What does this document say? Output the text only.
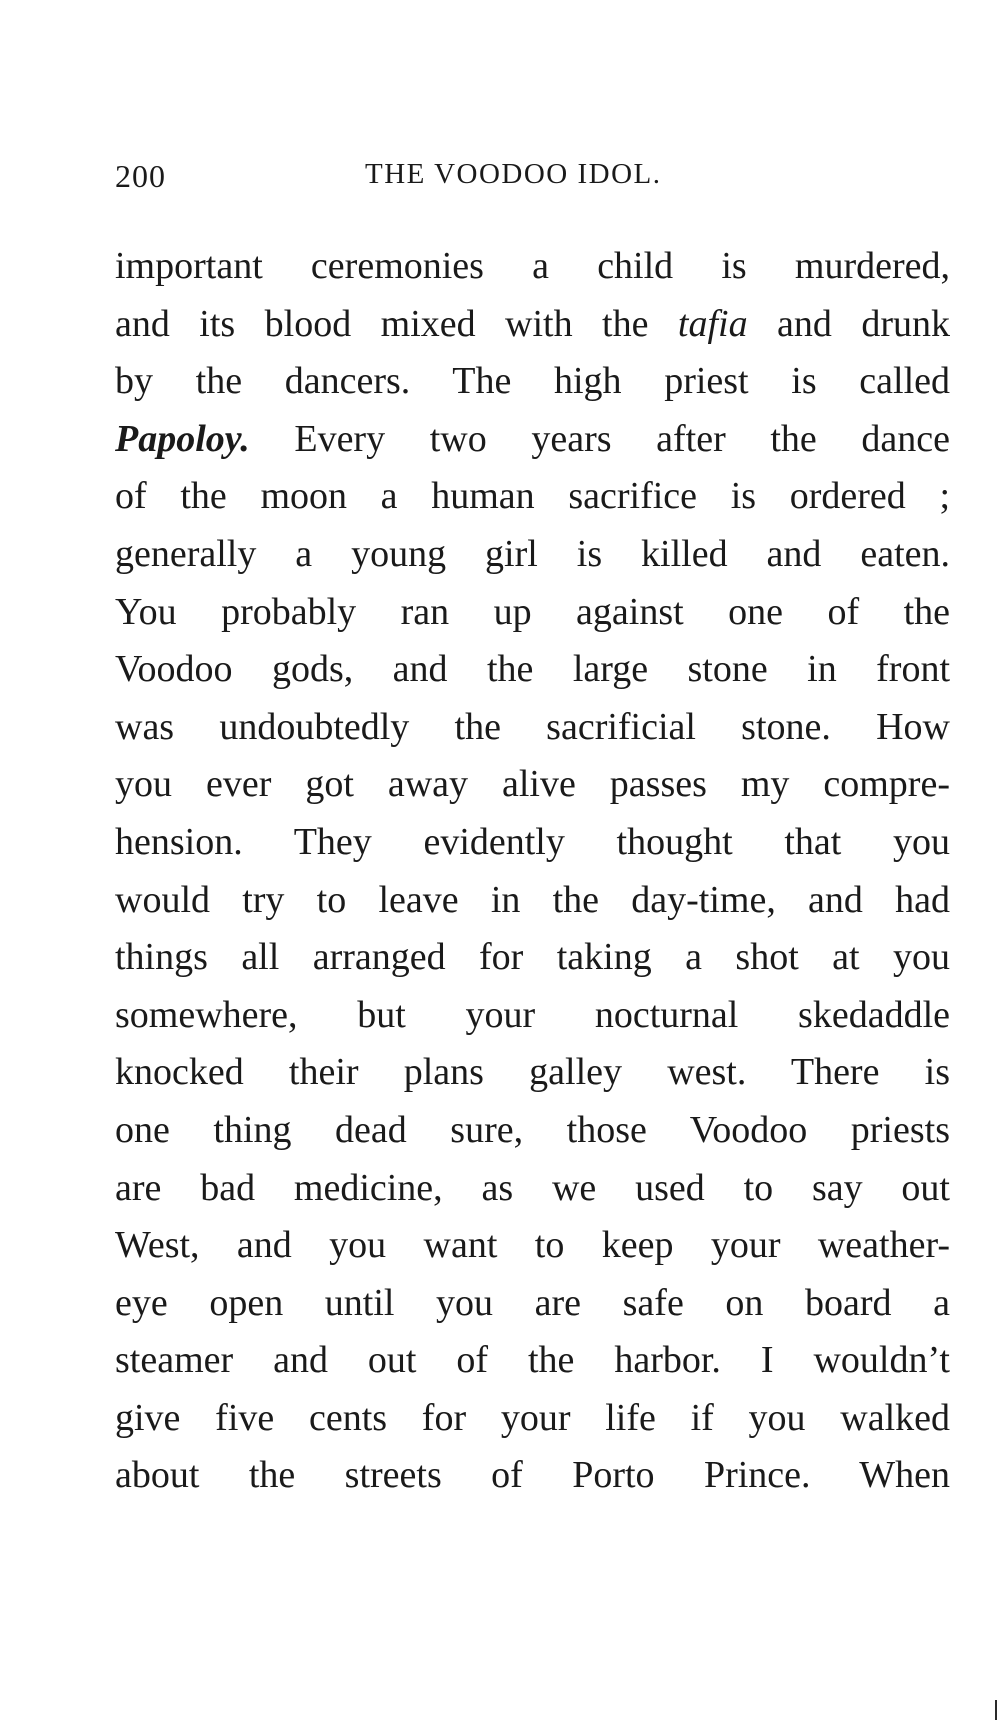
200	THE VOODOO IDOL.
important ceremonies a child is murdered,
and its blood mixed with the tafia and drunk
by the dancers. The high priest is called
Papoloy. Every two years after the dance
of the moon a human sacrifice is ordered ;
generally a young girl is killed and eaten.
You probably ran up against one of the
Voodoo gods, and the large stone in front
was undoubtedly the sacrificial stone. How
you ever got away alive passes my compre-
hension. They evidently thought that you
would try to leave in the day-time, and had
things all arranged for taking a shot at you
somewhere, but your nocturnal skedaddle
knocked their plans galley west. There is
one thing dead sure, those Voodoo priests
are bad medicine, as we used to say out
West, and you want to keep your weather-
eye open until you are safe on board a
steamer and out of the harbor. I wouldn’t
give five cents for your life if you walked
about the streets of Porto Prince. When
